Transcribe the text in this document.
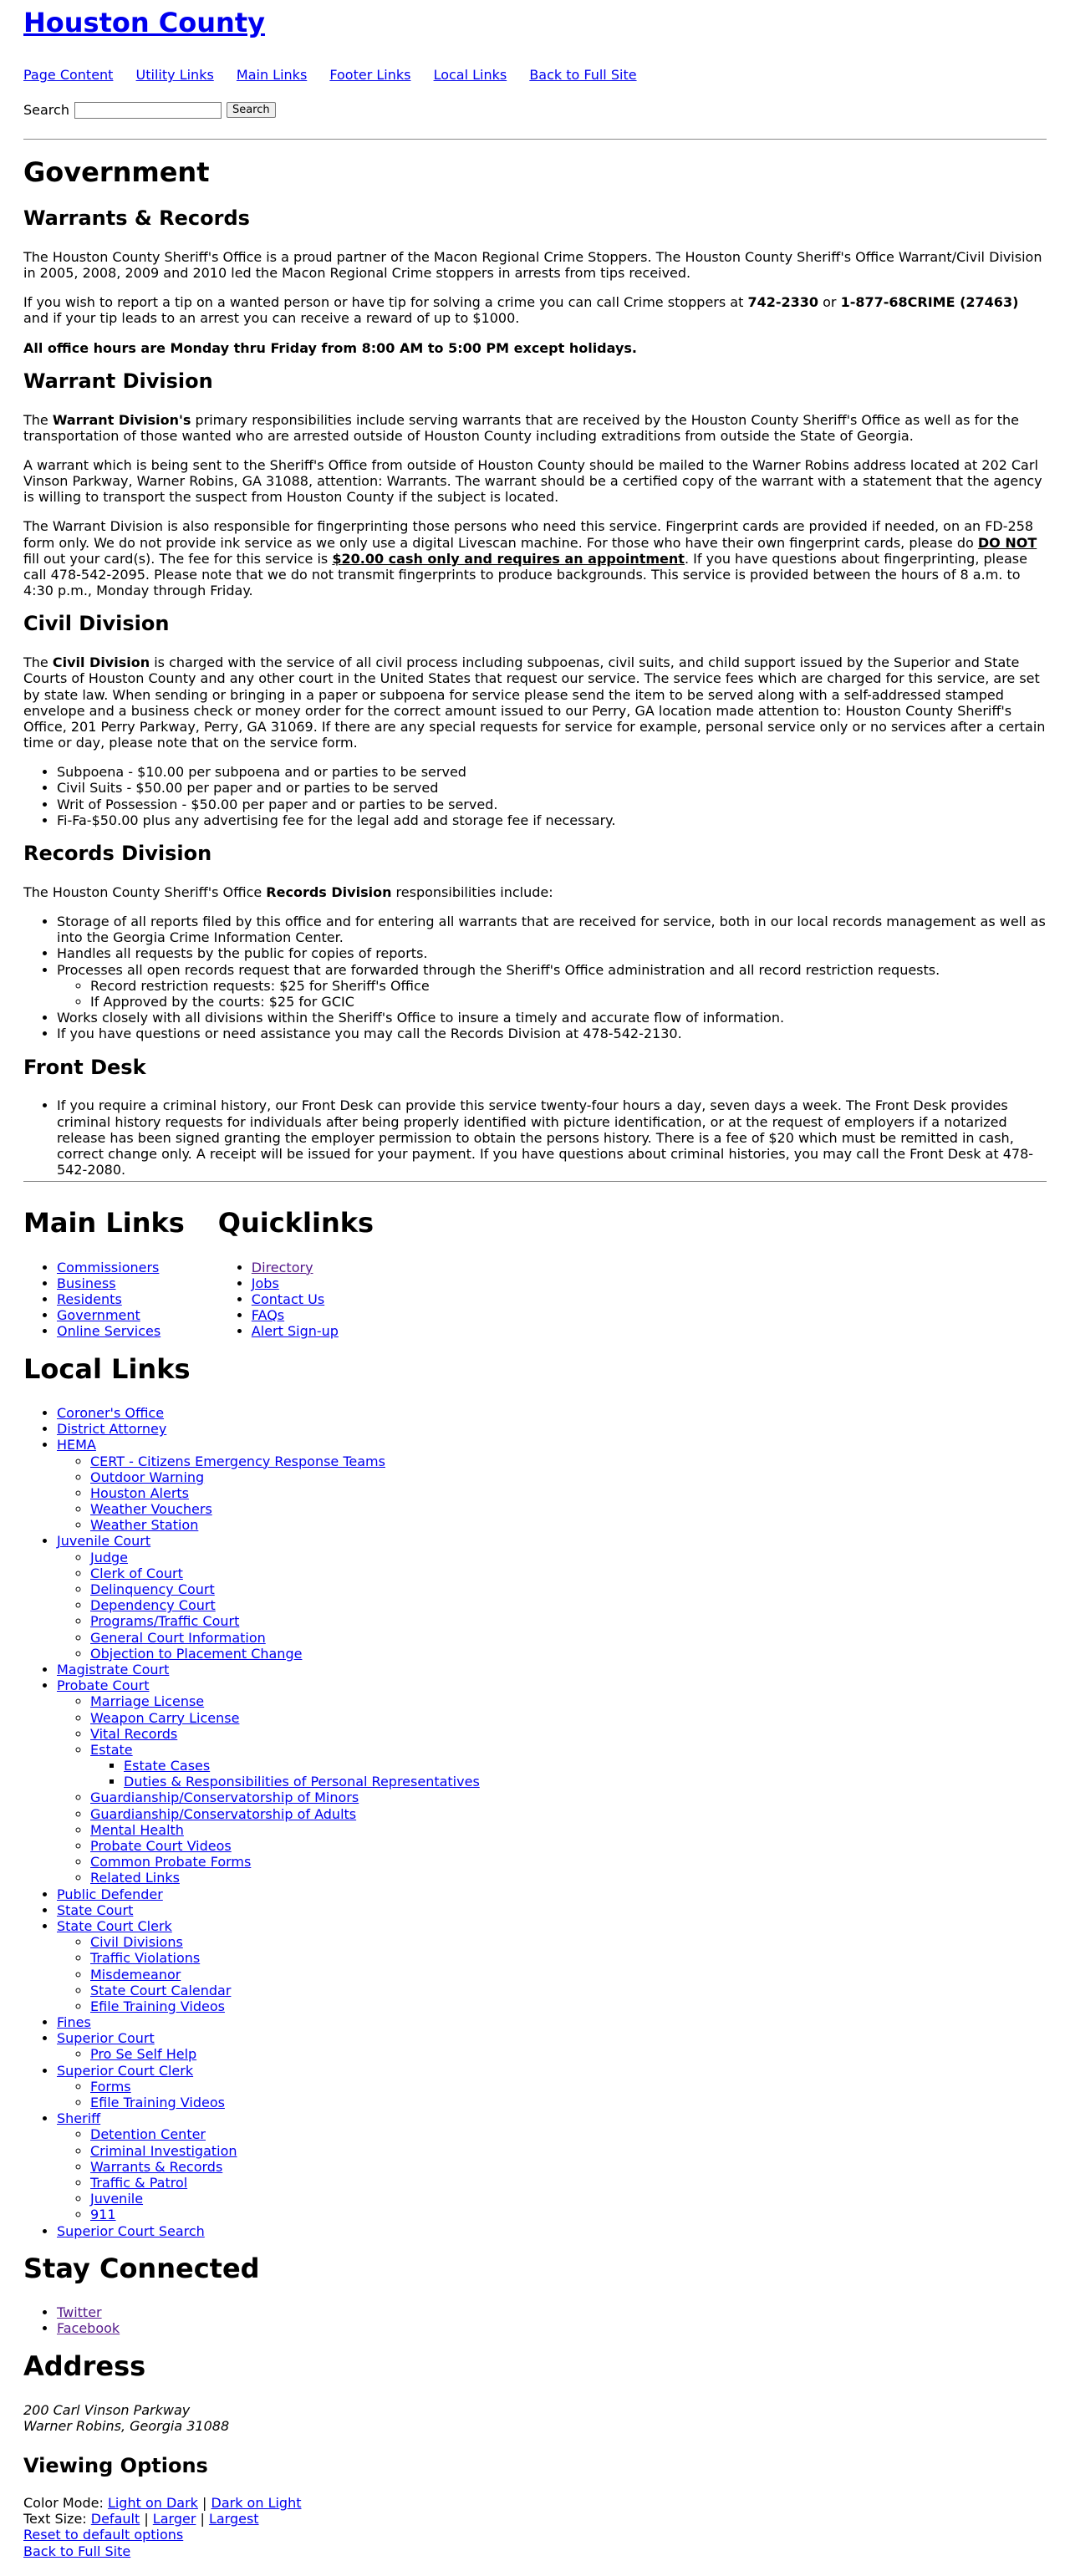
Houston County
Page Content Utility Links Main Links Footer Links Local Links Back to Full Site
Search	Search
Government
Warrants & Records

The Houston County Sheriff's Office is a proud partner of the Macon Regional Crime Stoppers. The Houston County Sheriff's Office Warrant/Civil Division in 2005, 2008, 2009 and 2010 led the Macon Regional Crime stoppers in arrests from tips received.

If you wish to report a tip on a wanted person or have tip for solving a crime you can call Crime stoppers at 742-2330 or 1-877-68CRIME (27463) and if your tip leads to an arrest you can receive a reward of up to $1000.

All office hours are Monday thru Friday from 8:00 AM to 5:00 PM except holidays.

Warrant Division

The Warrant Division's primary responsibilities include serving warrants that are received by the Houston County Sheriff's Office as well as for the transportation of those wanted who are arrested outside of Houston County including extraditions from outside the State of Georgia.

A warrant which is being sent to the Sheriff's Office from outside of Houston County should be mailed to the Warner Robins address located at 202 Carl Vinson Parkway, Warner Robins, GA 31088, attention: Warrants. The warrant should be a certified copy of the warrant with a statement that the agency is willing to transport the suspect from Houston County if the subject is located.

The Warrant Division is also responsible for fingerprinting those persons who need this service. Fingerprint cards are provided if needed, on an FD-258 form only. We do not provide ink service as we only use a digital Livescan machine. For those who have their own fingerprint cards, please do DO NOT fill out your card(s). The fee for this service is $20.00 cash only and requires an appointment. If you have questions about fingerprinting, please call 478-542-2095. Please note that we do not transmit fingerprints to produce backgrounds. This service is provided between the hours of 8 a.m. to 4:30 p.m., Monday through Friday.

Civil Division

The Civil Division is charged with the service of all civil process including subpoenas, civil suits, and child support issued by the Superior and State Courts of Houston County and any other court in the United States that request our service. The service fees which are charged for this service, are set by state law. When sending or bringing in a paper or subpoena for service please send the item to be served along with a self-addressed stamped envelope and a business check or money order for the correct amount issued to our Perry, GA location made attention to: Houston County Sheriff's Office, 201 Perry Parkway, Perry, GA 31069. If there are any special requests for service for example, personal service only or no services after a certain time or day, please note that on the service form.

• Subpoena - $10.00 per subpoena and or parties to be served
• Civil Suits - $50.00 per paper and or parties to be served
• Writ of Possession - $50.00 per paper and or parties to be served.
• Fi-Fa-$50.00 plus any advertising fee for the legal add and storage fee if necessary.
Records Division

The Houston County Sheriff's Office Records Division responsibilities include:

• Storage of all reports filed by this office and for entering all warrants that are received for service, both in our local records management as well as into the Georgia Crime Information Center.
• Handles all requests by the public for copies of reports.
• Processes all open records request that are forwarded through the Sheriff's Office administration and all record restriction requests.
◦ Record restriction requests: $25 for Sheriff's Office
◦ If Approved by the courts: $25 for GCIC
• Works closely with all divisions within the Sheriff's Office to insure a timely and accurate flow of information.
• If you have questions or need assistance you may call the Records Division at 478-542-2130.
Front Desk
• If you require a criminal history, our Front Desk can provide this service twenty-four hours a day, seven days a week. The Front Desk provides criminal history requests for individuals after being properly identified with picture identification, or at the request of employers if a notarized release has been signed granting the employer permission to obtain the persons history. There is a fee of $20 which must be remitted in cash, correct change only. A receipt will be issued for your payment. If you have questions about criminal histories, you may call the Front Desk at 478-542-2080.
Main Links
• Commissioners
• Business
• Residents
• Government
• Online Services
Quicklinks
• Directory
• Jobs
• Contact Us
• FAQs
• Alert Sign-up
Local Links
• Coroner's Office
• District Attorney
• HEMA
◦ CERT - Citizens Emergency Response Teams
◦ Outdoor Warning
◦ Houston Alerts
◦ Weather Vouchers
◦ Weather Station
• Juvenile Court
◦ Judge
◦ Clerk of Court
◦ Delinquency Court
◦ Dependency Court
◦ Programs/Traffic Court
◦ General Court Information
◦ Objection to Placement Change
• Magistrate Court
• Probate Court
◦ Marriage License
◦ Weapon Carry License
◦ Vital Records
◦ Estate
▪ Estate Cases
▪ Duties & Responsibilities of Personal Representatives
◦ Guardianship/Conservatorship of Minors
◦ Guardianship/Conservatorship of Adults
◦ Mental Health
◦ Probate Court Videos
◦ Common Probate Forms
◦ Related Links
• Public Defender
• State Court
• State Court Clerk
◦ Civil Divisions
◦ Traffic Violations
◦ Misdemeanor
◦ State Court Calendar
◦ Efile Training Videos
• Fines
• Superior Court
◦ Pro Se Self Help
• Superior Court Clerk
◦ Forms
◦ Efile Training Videos
• Sheriff
◦ Detention Center
◦ Criminal Investigation
◦ Warrants & Records
◦ Traffic & Patrol
◦ Juvenile
◦ 911
• Superior Court Search
Stay Connected
• Twitter
• Facebook
Address
200 Carl Vinson Parkway
Warner Robins, Georgia 31088
Viewing Options
Color Mode: Light on Dark | Dark on Light
Text Size: Default | Larger | Largest
Reset to default options
Back to Full Site
